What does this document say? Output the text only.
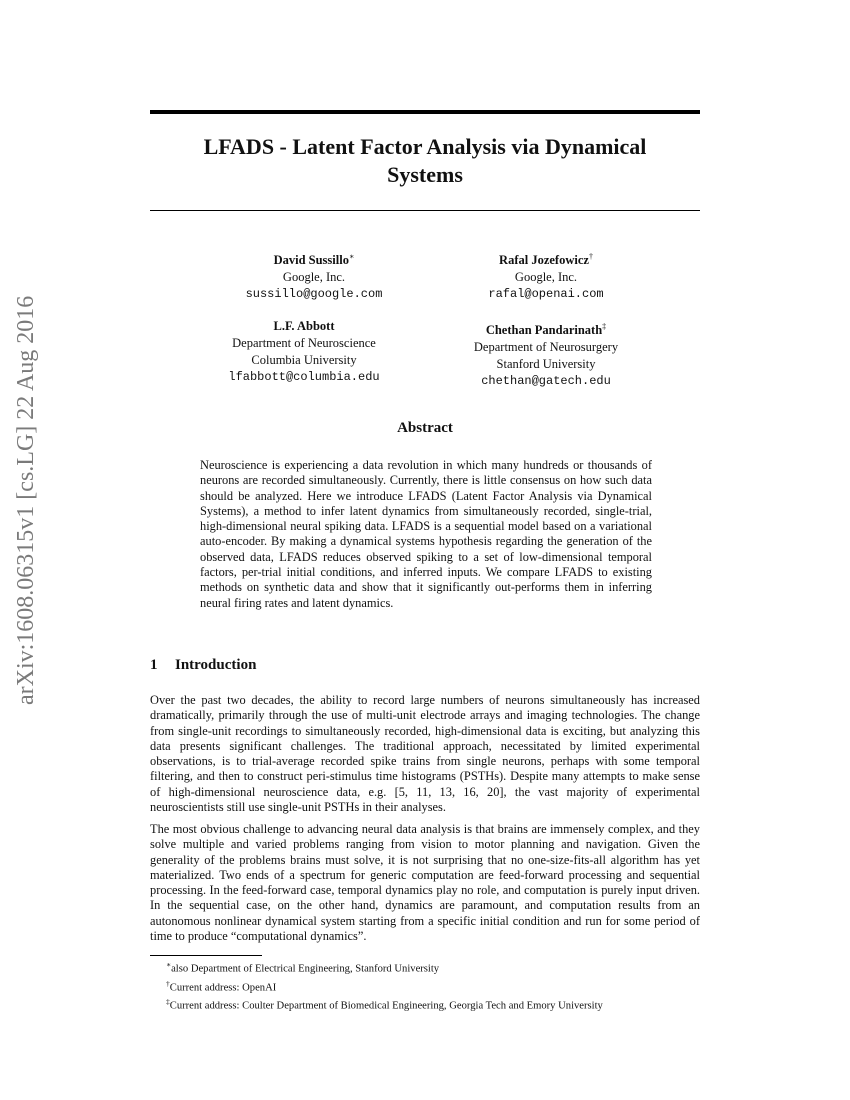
arXiv:1608.06315v1 [cs.LG] 22 Aug 2016
LFADS - Latent Factor Analysis via Dynamical
Systems
David Sussillo∗
Google, Inc.
sussillo@google.com
Rafal Jozefowicz†
Google, Inc.
rafal@openai.com
L.F. Abbott
Department of Neuroscience
Columbia University
lfabbott@columbia.edu
Chethan Pandarinath‡
Department of Neurosurgery
Stanford University
chethan@gatech.edu
Abstract
Neuroscience is experiencing a data revolution in which many hundreds or thousands of neurons are recorded simultaneously. Currently, there is little consensus on how such data should be analyzed. Here we introduce LFADS (Latent Factor Analysis via Dynamical Systems), a method to infer latent dynamics from simultaneously recorded, single-trial, high-dimensional neural spiking data. LFADS is a sequential model based on a variational auto-encoder. By making a dynamical systems hypothesis regarding the generation of the observed data, LFADS reduces observed spiking to a set of low-dimensional temporal factors, per-trial initial conditions, and inferred inputs. We compare LFADS to existing methods on synthetic data and show that it significantly out-performs them in inferring neural firing rates and latent dynamics.
1 Introduction

Over the past two decades, the ability to record large numbers of neurons simultaneously has increased dramatically, primarily through the use of multi-unit electrode arrays and imaging technologies. The change from single-unit recordings to simultaneously recorded, high-dimensional data is exciting, but analyzing this data presents significant challenges. The traditional approach, necessitated by limited experimental observations, is to trial-average recorded spike trains from single neurons, perhaps with some temporal filtering, and then to construct peri-stimulus time histograms (PSTHs). Despite many attempts to make sense of high-dimensional neuroscience data, e.g. [5, 11, 13, 16, 20], the vast majority of experimental neuroscientists still use single-unit PSTHs in their analyses.

The most obvious challenge to advancing neural data analysis is that brains are immensely complex, and they solve multiple and varied problems ranging from vision to motor planning and navigation. Given the generality of the problems brains must solve, it is not surprising that no one-size-fits-all algorithm has yet materialized. Two ends of a spectrum for generic computation are feed-forward processing and sequential processing. In the feed-forward case, temporal dynamics play no role, and computation is purely input driven. In the sequential case, on the other hand, dynamics are paramount, and computation results from an autonomous nonlinear dynamical system starting from a specific initial condition and run for some period of time to produce “computational dynamics”.

∗also Department of Electrical Engineering, Stanford University
†Current address: OpenAI
‡Current address: Coulter Department of Biomedical Engineering, Georgia Tech and Emory University
